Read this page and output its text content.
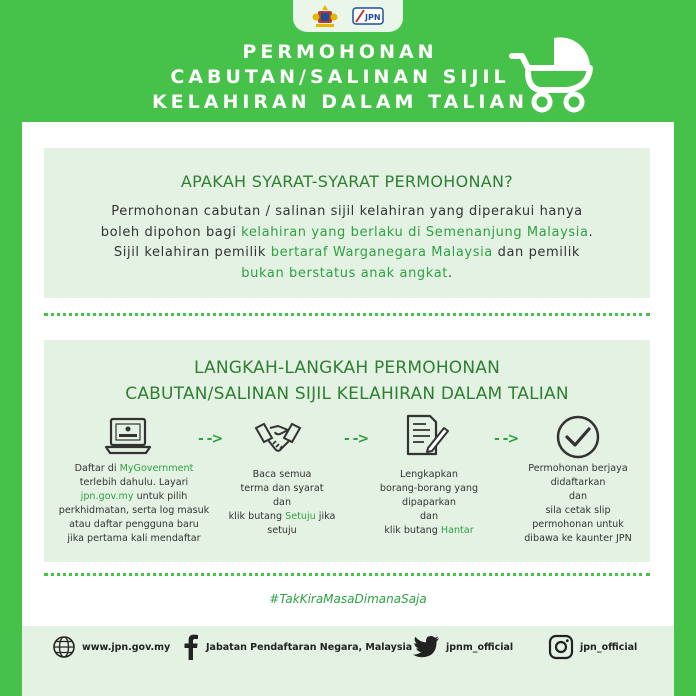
JPN
PERMOHONAN
CABUTAN/SALINAN SIJIL
KELAHIRAN DALAM TALIAN
APAKAH SYARAT-SYARAT PERMOHONAN?
Permohonan cabutan / salinan sijil kelahiran yang diperakui hanya
boleh dipohon bagi kelahiran yang berlaku di Semenanjung Malaysia.
Sijil kelahiran pemilik bertaraf Warganegara Malaysia dan pemilik
bukan berstatus anak angkat.
LANGKAH-LANGKAH PERMOHONAN
CABUTAN/SALINAN SIJIL KELAHIRAN DALAM TALIAN
- ->	- ->	- ->
Daftar di MyGovernment
terlebih dahulu. Layari
jpn.gov.my untuk pilih
perkhidmatan, serta log masuk
atau daftar pengguna baru
jika pertama kali mendaftar
Baca semua
terma dan syarat
dan
klik butang Setuju jika
setuju
Lengkapkan
borang-borang yang
dipaparkan
dan
klik butang Hantar
Permohonan berjaya
didaftarkan
dan
sila cetak slip
permohonan untuk
dibawa ke kaunter JPN
#TakKiraMasaDimanaSaja
www.jpn.gov.my	Jabatan Pendaftaran Negara, Malaysia	jpnm_official	jpn_official
